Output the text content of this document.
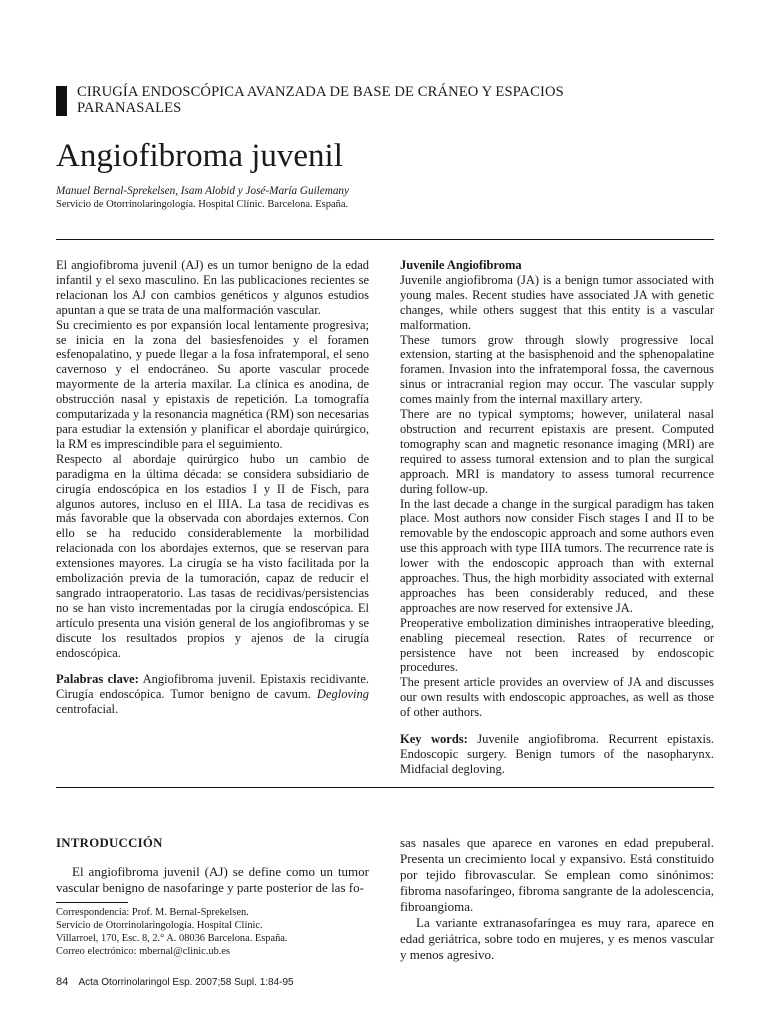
CIRUGÍA ENDOSCÓPICA AVANZADA DE BASE DE CRÁNEO Y ESPACIOS
PARANASALES
Angiofibroma juvenil
Manuel Bernal-Sprekelsen, Isam Alobid y José-María Guilemany
Servicio de Otorrinolaringología. Hospital Clínic. Barcelona. España.

El angiofibroma juvenil (AJ) es un tumor benigno de la edad infantil y el sexo masculino. En las publicaciones recientes se relacionan los AJ con cambios genéticos y algunos estudios apuntan a que se trata de una malformación vascular.

Su crecimiento es por expansión local lentamente progresiva; se inicia en la zona del basiesfenoides y el foramen esfenopalatino, y puede llegar a la fosa infratemporal, el seno cavernoso y el endocráneo. Su aporte vascular procede mayormente de la arteria maxilar. La clínica es anodina, de obstrucción nasal y epistaxis de repetición. La tomografía computarizada y la resonancia magnética (RM) son necesarias para estudiar la extensión y planificar el abordaje quirúrgico, la RM es imprescindible para el seguimiento.

Respecto al abordaje quirúrgico hubo un cambio de paradigma en la última década: se considera subsidiario de cirugía endoscópica en los estadios I y II de Fisch, para algunos autores, incluso en el IIIA. La tasa de recidivas es más favorable que la observada con abordajes externos. Con ello se ha reducido considerablemente la morbilidad relacionada con los abordajes externos, que se reservan para extensiones mayores. La cirugía se ha visto facilitada por la embolización previa de la tumoración, capaz de reducir el sangrado intraoperatorio. Las tasas de recidivas/persistencias no se han visto incrementadas por la cirugía endoscópica. El artículo presenta una visión general de los angiofibromas y se discute los resultados propios y ajenos de la cirugía endoscópica.

Palabras clave: Angiofibroma juvenil. Epistaxis recidivante. Cirugía endoscópica. Tumor benigno de cavum. Degloving centrofacial.

Juvenile Angiofibroma

Juvenile angiofibroma (JA) is a benign tumor associated with young males. Recent studies have associated JA with genetic changes, while others suggest that this entity is a vascular malformation.

These tumors grow through slowly progressive local extension, starting at the basisphenoid and the sphenopalatine foramen. Invasion into the infratemporal fossa, the cavernous sinus or intracranial region may occur. The vascular supply comes mainly from the internal maxillary artery.

There are no typical symptoms; however, unilateral nasal obstruction and recurrent epistaxis are present. Computed tomography scan and magnetic resonance imaging (MRI) are required to assess tumoral extension and to plan the surgical approach. MRI is mandatory to assess tumoral recurrence during follow-up.

In the last decade a change in the surgical paradigm has taken place. Most authors now consider Fisch stages I and II to be removable by the endoscopic approach and some authors even use this approach with type IIIA tumors. The recurrence rate is lower with the endoscopic approach than with external approaches. Thus, the high morbidity associated with external approaches has been considerably reduced, and these approaches are now reserved for extensive JA.

Preoperative embolization diminishes intraoperative bleeding, enabling piecemeal resection. Rates of recurrence or persistence have not been increased by endoscopic procedures.

The present article provides an overview of JA and discusses our own results with endoscopic approaches, as well as those of other authors.

Key words: Juvenile angiofibroma. Recurrent epistaxis. Endoscopic surgery. Benign tumors of the nasopharynx. Midfacial degloving.

INTRODUCCIÓN

El angiofibroma juvenil (AJ) se define como un tumor vascular benigno de nasofaringe y parte posterior de las fo-

sas nasales que aparece en varones en edad prepuberal. Presenta un crecimiento local y expansivo. Está constituido por tejido fibrovascular. Se emplean como sinónimos: fibroma nasofaríngeo, fibroma sangrante de la adolescencia, fibroangioma.

La variante extranasofaríngea es muy rara, aparece en edad geriátrica, sobre todo en mujeres, y es menos vascular y menos agresivo.

Correspondencia: Prof. M. Bernal-Sprekelsen.
Servicio de Otorrinolaringología. Hospital Clínic.
Villarroel, 170, Esc. 8, 2.° A. 08036 Barcelona. España.
Correo electrónico: mbernal@clinic.ub.es
84 Acta Otorrinolaringol Esp. 2007;58 Supl. 1:84-95
